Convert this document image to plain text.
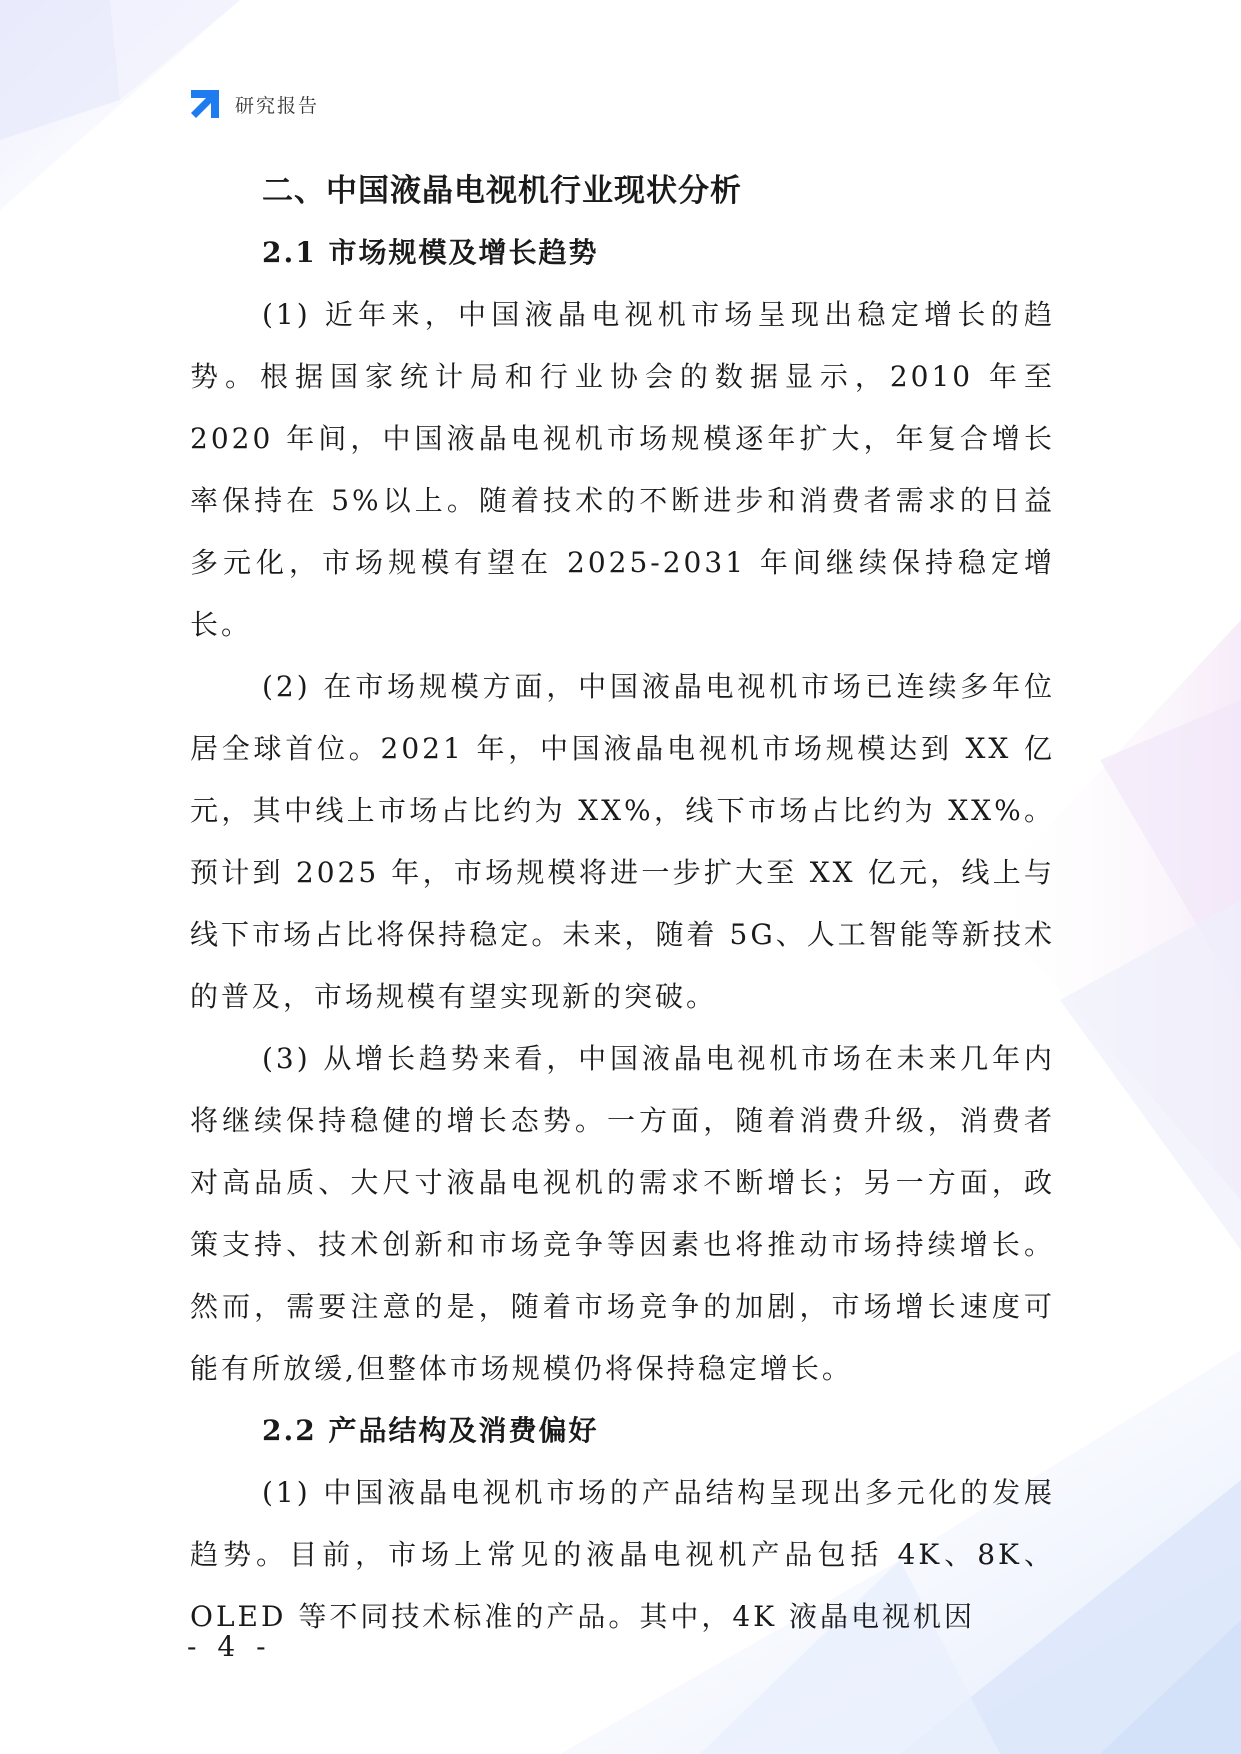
研究报告
二、中国液晶电视机行业现状分析
2.1 市场规模及增长趋势

(1) 近年来，中国液晶电视机市场呈现出稳定增长的趋势。根据国家统计局和行业协会的数据显示，2010 年至 2020 年间，中国液晶电视机市场规模逐年扩大，年复合增长率保持在 5%以上。随着技术的不断进步和消费者需求的日益多元化，市场规模有望在 2025-2031 年间继续保持稳定增长。

(2) 在市场规模方面，中国液晶电视机市场已连续多年位居全球首位。2021 年，中国液晶电视机市场规模达到 XX 亿元，其中线上市场占比约为 XX%，线下市场占比约为 XX%。预计到 2025 年，市场规模将进一步扩大至 XX 亿元，线上与线下市场占比将保持稳定。未来，随着 5G、人工智能等新技术的普及，市场规模有望实现新的突破。

(3) 从增长趋势来看，中国液晶电视机市场在未来几年内将继续保持稳健的增长态势。一方面，随着消费升级，消费者对高品质、大尺寸液晶电视机的需求不断增长；另一方面，政策支持、技术创新和市场竞争等因素也将推动市场持续增长。然而，需要注意的是，随着市场竞争的加剧，市场增长速度可能有所放缓,但整体市场规模仍将保持稳定增长。

2.2 产品结构及消费偏好

(1) 中国液晶电视机市场的产品结构呈现出多元化的发展趋势。目前，市场上常见的液晶电视机产品包括 4K、8K、OLED 等不同技术标准的产品。其中，4K 液晶电视机因

- 4 -
